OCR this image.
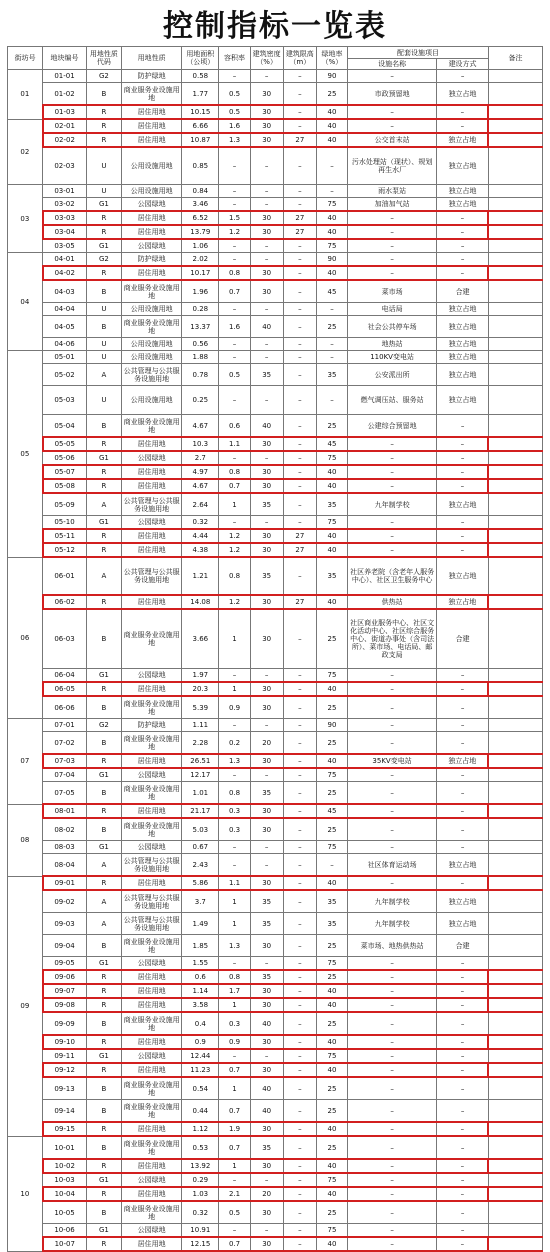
控制指标一览表
街坊号	地块编号	用地性质代码	用地性质	用地面积（公顷）	容积率	建筑密度（%）	建筑限高（m）	绿地率（%）	配套设施项目		备注
									设施名称	建设方式	
01	01-01	G2	防护绿地	0.58	–	–	–	90	–	–	
	01-02	B	商业服务业设施用地	1.77	0.5	30	–	25	市政预留地	独立占地	
	01-03	R	居住用地	10.15	0.5	30	–	40	–	–	
02	02-01	R	居住用地	6.66	1.6	30	–	40	–	–	
	02-02	R	居住用地	10.87	1.3	30	27	40	公交首末站	独立占地	
	02-03	U	公用设施用地	0.85	–	–	–	–	污水处理站（现状）、规划再生水厂	独立占地	
03	03-01	U	公用设施用地	0.84	–	–	–	–	雨水泵站	独立占地	
	03-02	G1	公园绿地	3.46	–	–	–	75	加油加气站	独立占地	
	03-03	R	居住用地	6.52	1.5	30	27	40	–	–	
	03-04	R	居住用地	13.79	1.2	30	27	40	–	–	
	03-05	G1	公园绿地	1.06	–	–	–	75	–	–	
04	04-01	G2	防护绿地	2.02	–	–	–	90	–	–	
	04-02	R	居住用地	10.17	0.8	30	–	40	–	–	
	04-03	B	商业服务业设施用地	1.96	0.7	30	–	45	菜市场	合建	
	04-04	U	公用设施用地	0.28	–	–	–	–	电话局	独立占地	
	04-05	B	商业服务业设施用地	13.37	1.6	40	–	25	社会公共停车场	独立占地	
	04-06	U	公用设施用地	0.56	–	–	–	–	地热站	独立占地	
05	05-01	U	公用设施用地	1.88	–	–	–	–	110KV变电站	独立占地	
	05-02	A	公共管理与公共服务设施用地	0.78	0.5	35	–	35	公安派出所	独立占地	
	05-03	U	公用设施用地	0.25	–	–	–	–	燃气调压站、服务站	独立占地	
	05-04	B	商业服务业设施用地	4.67	0.6	40	–	25	公建综合预留地	–	
	05-05	R	居住用地	10.3	1.1	30	–	45	–	–	
	05-06	G1	公园绿地	2.7	–	–	–	75	–	–	
	05-07	R	居住用地	4.97	0.8	30	–	40	–	–	
	05-08	R	居住用地	4.67	0.7	30	–	40	–	–	
	05-09	A	公共管理与公共服务设施用地	2.64	1	35	–	35	九年制学校	独立占地	
	05-10	G1	公园绿地	0.32	–	–	–	75	–	–	
	05-11	R	居住用地	4.44	1.2	30	27	40	–	–	
	05-12	R	居住用地	4.38	1.2	30	27	40	–	–	
06	06-01	A	公共管理与公共服务设施用地	1.21	0.8	35	–	35	社区养老院（含老年人服务中心）、社区卫生服务中心	独立占地	
	06-02	R	居住用地	14.08	1.2	30	27	40	供热站	独立占地	
	06-03	B	商业服务业设施用地	3.66	1	30	–	25	社区商业服务中心、社区文化活动中心、社区综合服务中心、街道办事处（含司法所）、菜市场、电话局、邮政支局	合建	
	06-04	G1	公园绿地	1.97	–	–	–	75	–	–	
	06-05	R	居住用地	20.3	1	30	–	40	–	–	
	06-06	B	商业服务业设施用地	5.39	0.9	30	–	25	–	–	
07	07-01	G2	防护绿地	1.11	–	–	–	90	–	–	
	07-02	B	商业服务业设施用地	2.28	0.2	20	–	25	–	–	
	07-03	R	居住用地	26.51	1.3	30	–	40	35KV变电站	独立占地	
	07-04	G1	公园绿地	12.17	–	–	–	75	–	–	
	07-05	B	商业服务业设施用地	1.01	0.8	35	–	25	–	–	
08	08-01	R	居住用地	21.17	0.3	30	–	45	–	–	
	08-02	B	商业服务业设施用地	5.03	0.3	30	–	25	–	–	
	08-03	G1	公园绿地	0.67	–	–	–	75	–	–	
	08-04	A	公共管理与公共服务设施用地	2.43	–	–	–	–	社区体育运动场	独立占地	
09	09-01	R	居住用地	5.86	1.1	30	–	40	–	–	
	09-02	A	公共管理与公共服务设施用地	3.7	1	35	–	35	九年制学校	独立占地	
	09-03	A	公共管理与公共服务设施用地	1.49	1	35	–	35	九年制学校	独立占地	
	09-04	B	商业服务业设施用地	1.85	1.3	30	–	25	菜市场、地热供热站	合建	
	09-05	G1	公园绿地	1.55	–	–	–	75	–	–	
	09-06	R	居住用地	0.6	0.8	35	–	25	–	–	
	09-07	R	居住用地	1.14	1.7	30	–	40	–	–	
	09-08	R	居住用地	3.58	1	30	–	40	–	–	
	09-09	B	商业服务业设施用地	0.4	0.3	40	–	25	–	–	
	09-10	R	居住用地	0.9	0.9	30	–	40	–	–	
	09-11	G1	公园绿地	12.44	–	–	–	75	–	–	
	09-12	R	居住用地	11.23	0.7	30	–	40	–	–	
	09-13	B	商业服务业设施用地	0.54	1	40	–	25	–	–	
	09-14	B	商业服务业设施用地	0.44	0.7	40	–	25	–	–	
	09-15	R	居住用地	1.12	1.9	30	–	40	–	–	
10	10-01	B	商业服务业设施用地	0.53	0.7	35	–	25	–	–	
	10-02	R	居住用地	13.92	1	30	–	40	–	–	
	10-03	G1	公园绿地	0.29	–	–	–	75	–	–	
	10-04	R	居住用地	1.03	2.1	20	–	40	–	–	
	10-05	B	商业服务业设施用地	0.32	0.5	30	–	25	–	–	
	10-06	G1	公园绿地	10.91	–	–	–	75	–	–	
	10-07	R	居住用地	12.15	0.7	30	–	40	–	–	
